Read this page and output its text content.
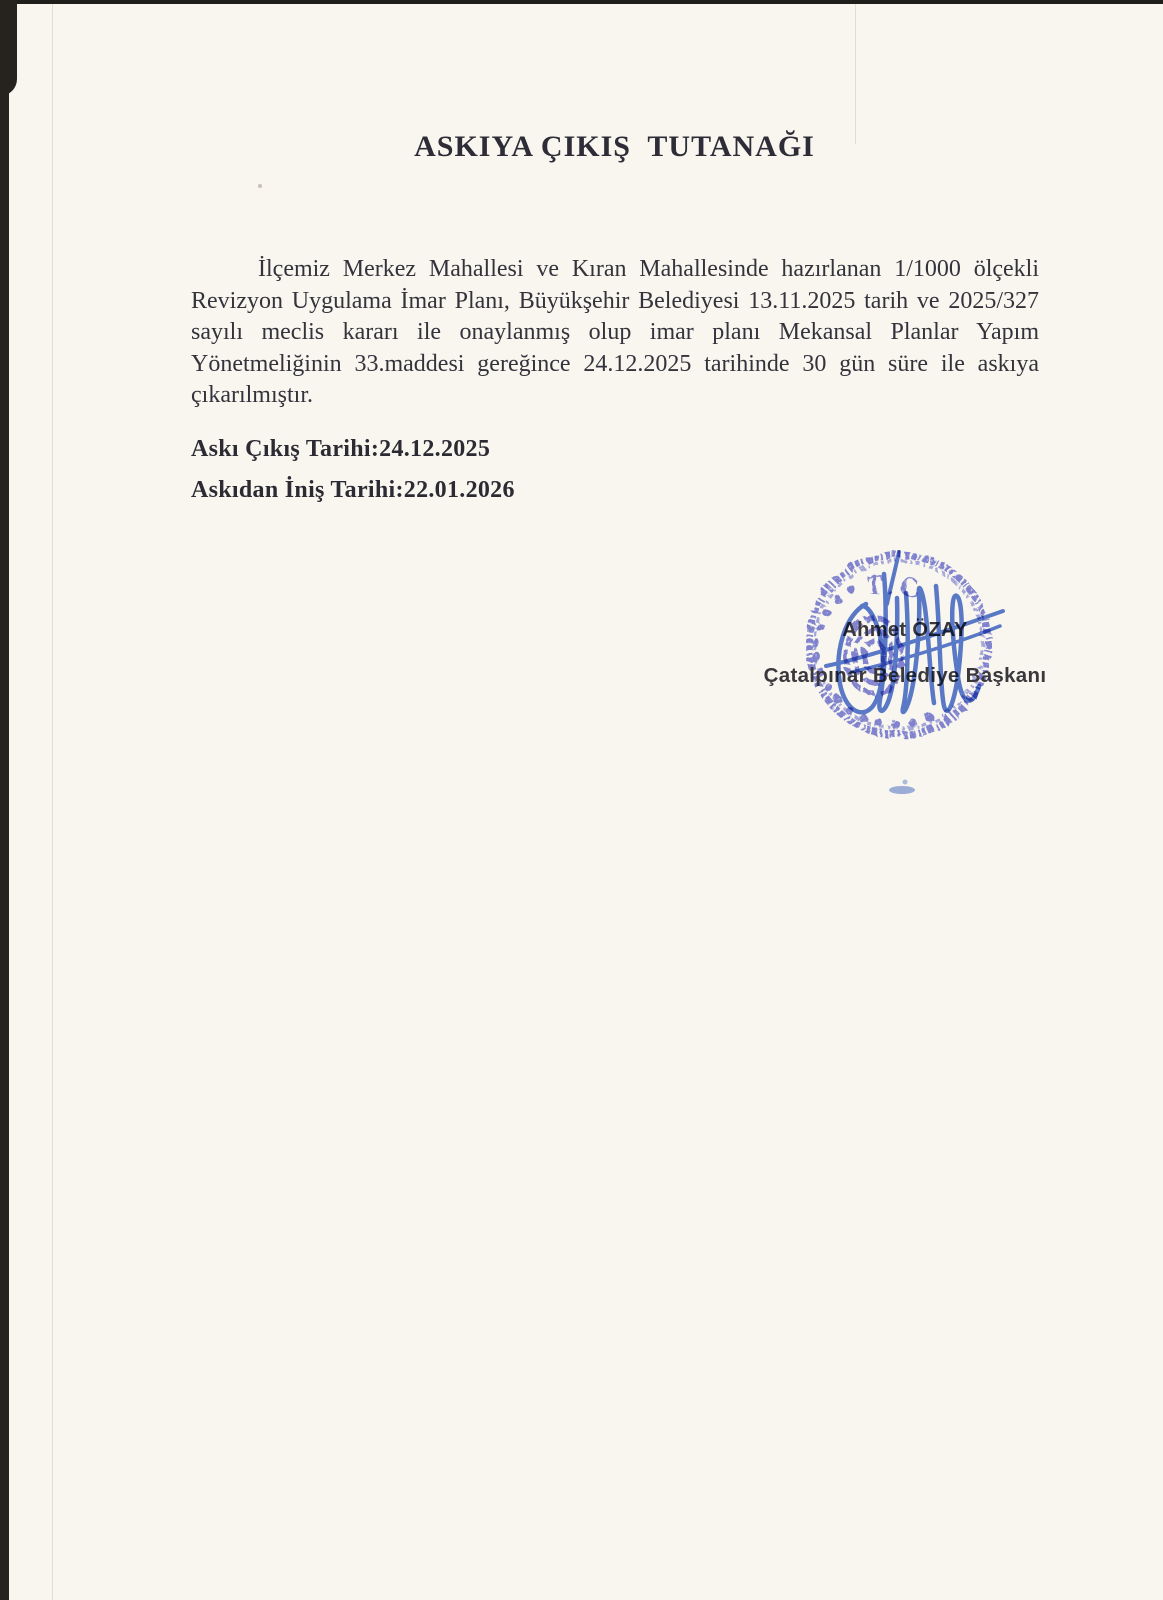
ASKIYA ÇIKIŞ  TUTANAĞI
İlçemiz Merkez Mahallesi ve Kıran Mahallesinde hazırlanan 1/1000 ölçekli Revizyon Uygulama İmar Planı, Büyükşehir Belediyesi 13.11.2025 tarih ve 2025/327 sayılı meclis kararı ile onaylanmış olup imar planı Mekansal Planlar Yapım Yönetmeliğinin 33.maddesi gereğince 24.12.2025 tarihinde 30 gün süre ile askıya çıkarılmıştır.
Askı Çıkış Tarihi:24.12.2025
Askıdan İniş Tarihi:22.01.2026
T.C
Ahmet ÖZAY
Çatalpınar Belediye Başkanı
